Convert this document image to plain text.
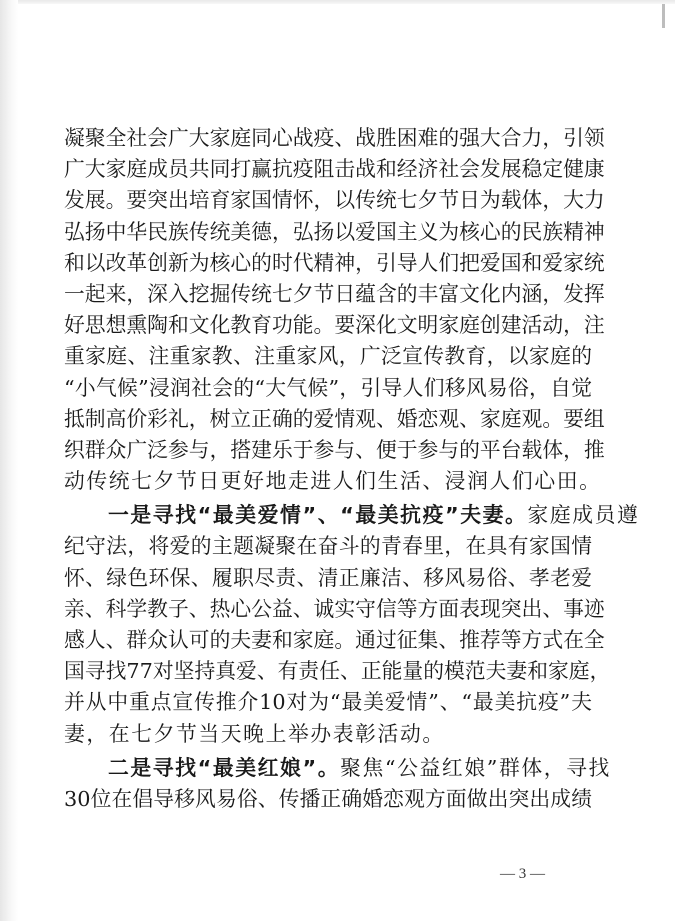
凝聚全社会广大家庭同心战疫、战胜困难的强大合力，引领
广大家庭成员共同打赢抗疫阻击战和经济社会发展稳定健康
发展。要突出培育家国情怀，以传统七夕节日为载体，大力
弘扬中华民族传统美德，弘扬以爱国主义为核心的民族精神
和以改革创新为核心的时代精神，引导人们把爱国和爱家统
一起来，深入挖掘传统七夕节日蕴含的丰富文化内涵，发挥
好思想熏陶和文化教育功能。要深化文明家庭创建活动，注
重家庭、注重家教、注重家风，广泛宣传教育，以家庭的
“小气候”浸润社会的“大气候”，引导人们移风易俗，自觉
抵制高价彩礼，树立正确的爱情观、婚恋观、家庭观。要组
织群众广泛参与，搭建乐于参与、便于参与的平台载体，推
动传统七夕节日更好地走进人们生活、浸润人们心田。
一是寻找“最美爱情”、“最美抗疫”夫妻。家庭成员遵
纪守法，将爱的主题凝聚在奋斗的青春里，在具有家国情
怀、绿色环保、履职尽责、清正廉洁、移风易俗、孝老爱
亲、科学教子、热心公益、诚实守信等方面表现突出、事迹
感人、群众认可的夫妻和家庭。通过征集、推荐等方式在全
国寻找77对坚持真爱、有责任、正能量的模范夫妻和家庭，
并从中重点宣传推介10对为“最美爱情”、“最美抗疫”夫
妻，在七夕节当天晚上举办表彰活动。
二是寻找“最美红娘”。聚焦“公益红娘”群体，寻找
30位在倡导移风易俗、传播正确婚恋观方面做出突出成绩
— 3 —
